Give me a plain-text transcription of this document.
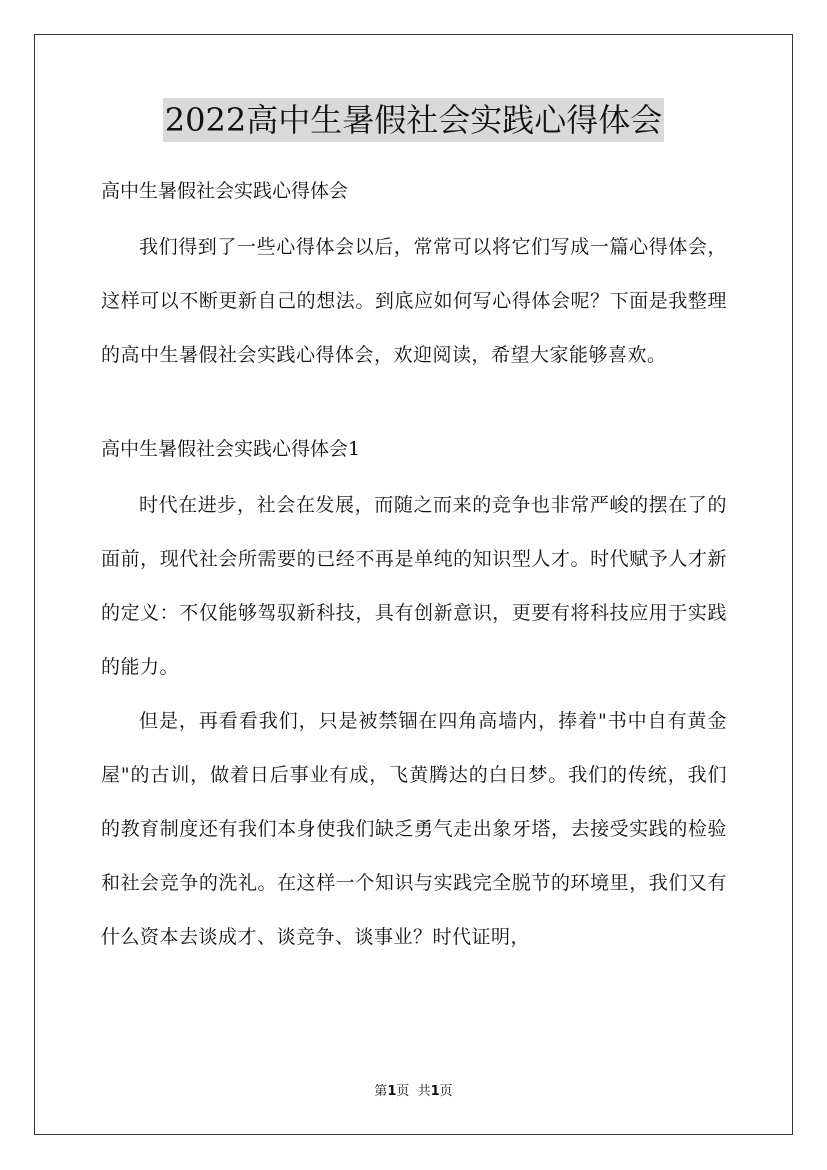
2022高中生暑假社会实践心得体会

高中生暑假社会实践心得体会

我们得到了一些心得体会以后，常常可以将它们写成一篇心得体会，这样可以不断更新自己的想法。到底应如何写心得体会呢？下面是我整理的高中生暑假社会实践心得体会，欢迎阅读，希望大家能够喜欢。

高中生暑假社会实践心得体会1

时代在进步，社会在发展，而随之而来的竞争也非常严峻的摆在了的面前，现代社会所需要的已经不再是单纯的知识型人才。时代赋予人才新的定义：不仅能够驾驭新科技，具有创新意识，更要有将科技应用于实践的能力。

但是，再看看我们，只是被禁锢在四角高墙内，捧着"书中自有黄金屋"的古训，做着日后事业有成，飞黄腾达的白日梦。我们的传统，我们的教育制度还有我们本身使我们缺乏勇气走出象牙塔，去接受实践的检验和社会竞争的洗礼。在这样一个知识与实践完全脱节的环境里，我们又有什么资本去谈成才、谈竞争、谈事业？时代证明，

第1页  共1页
